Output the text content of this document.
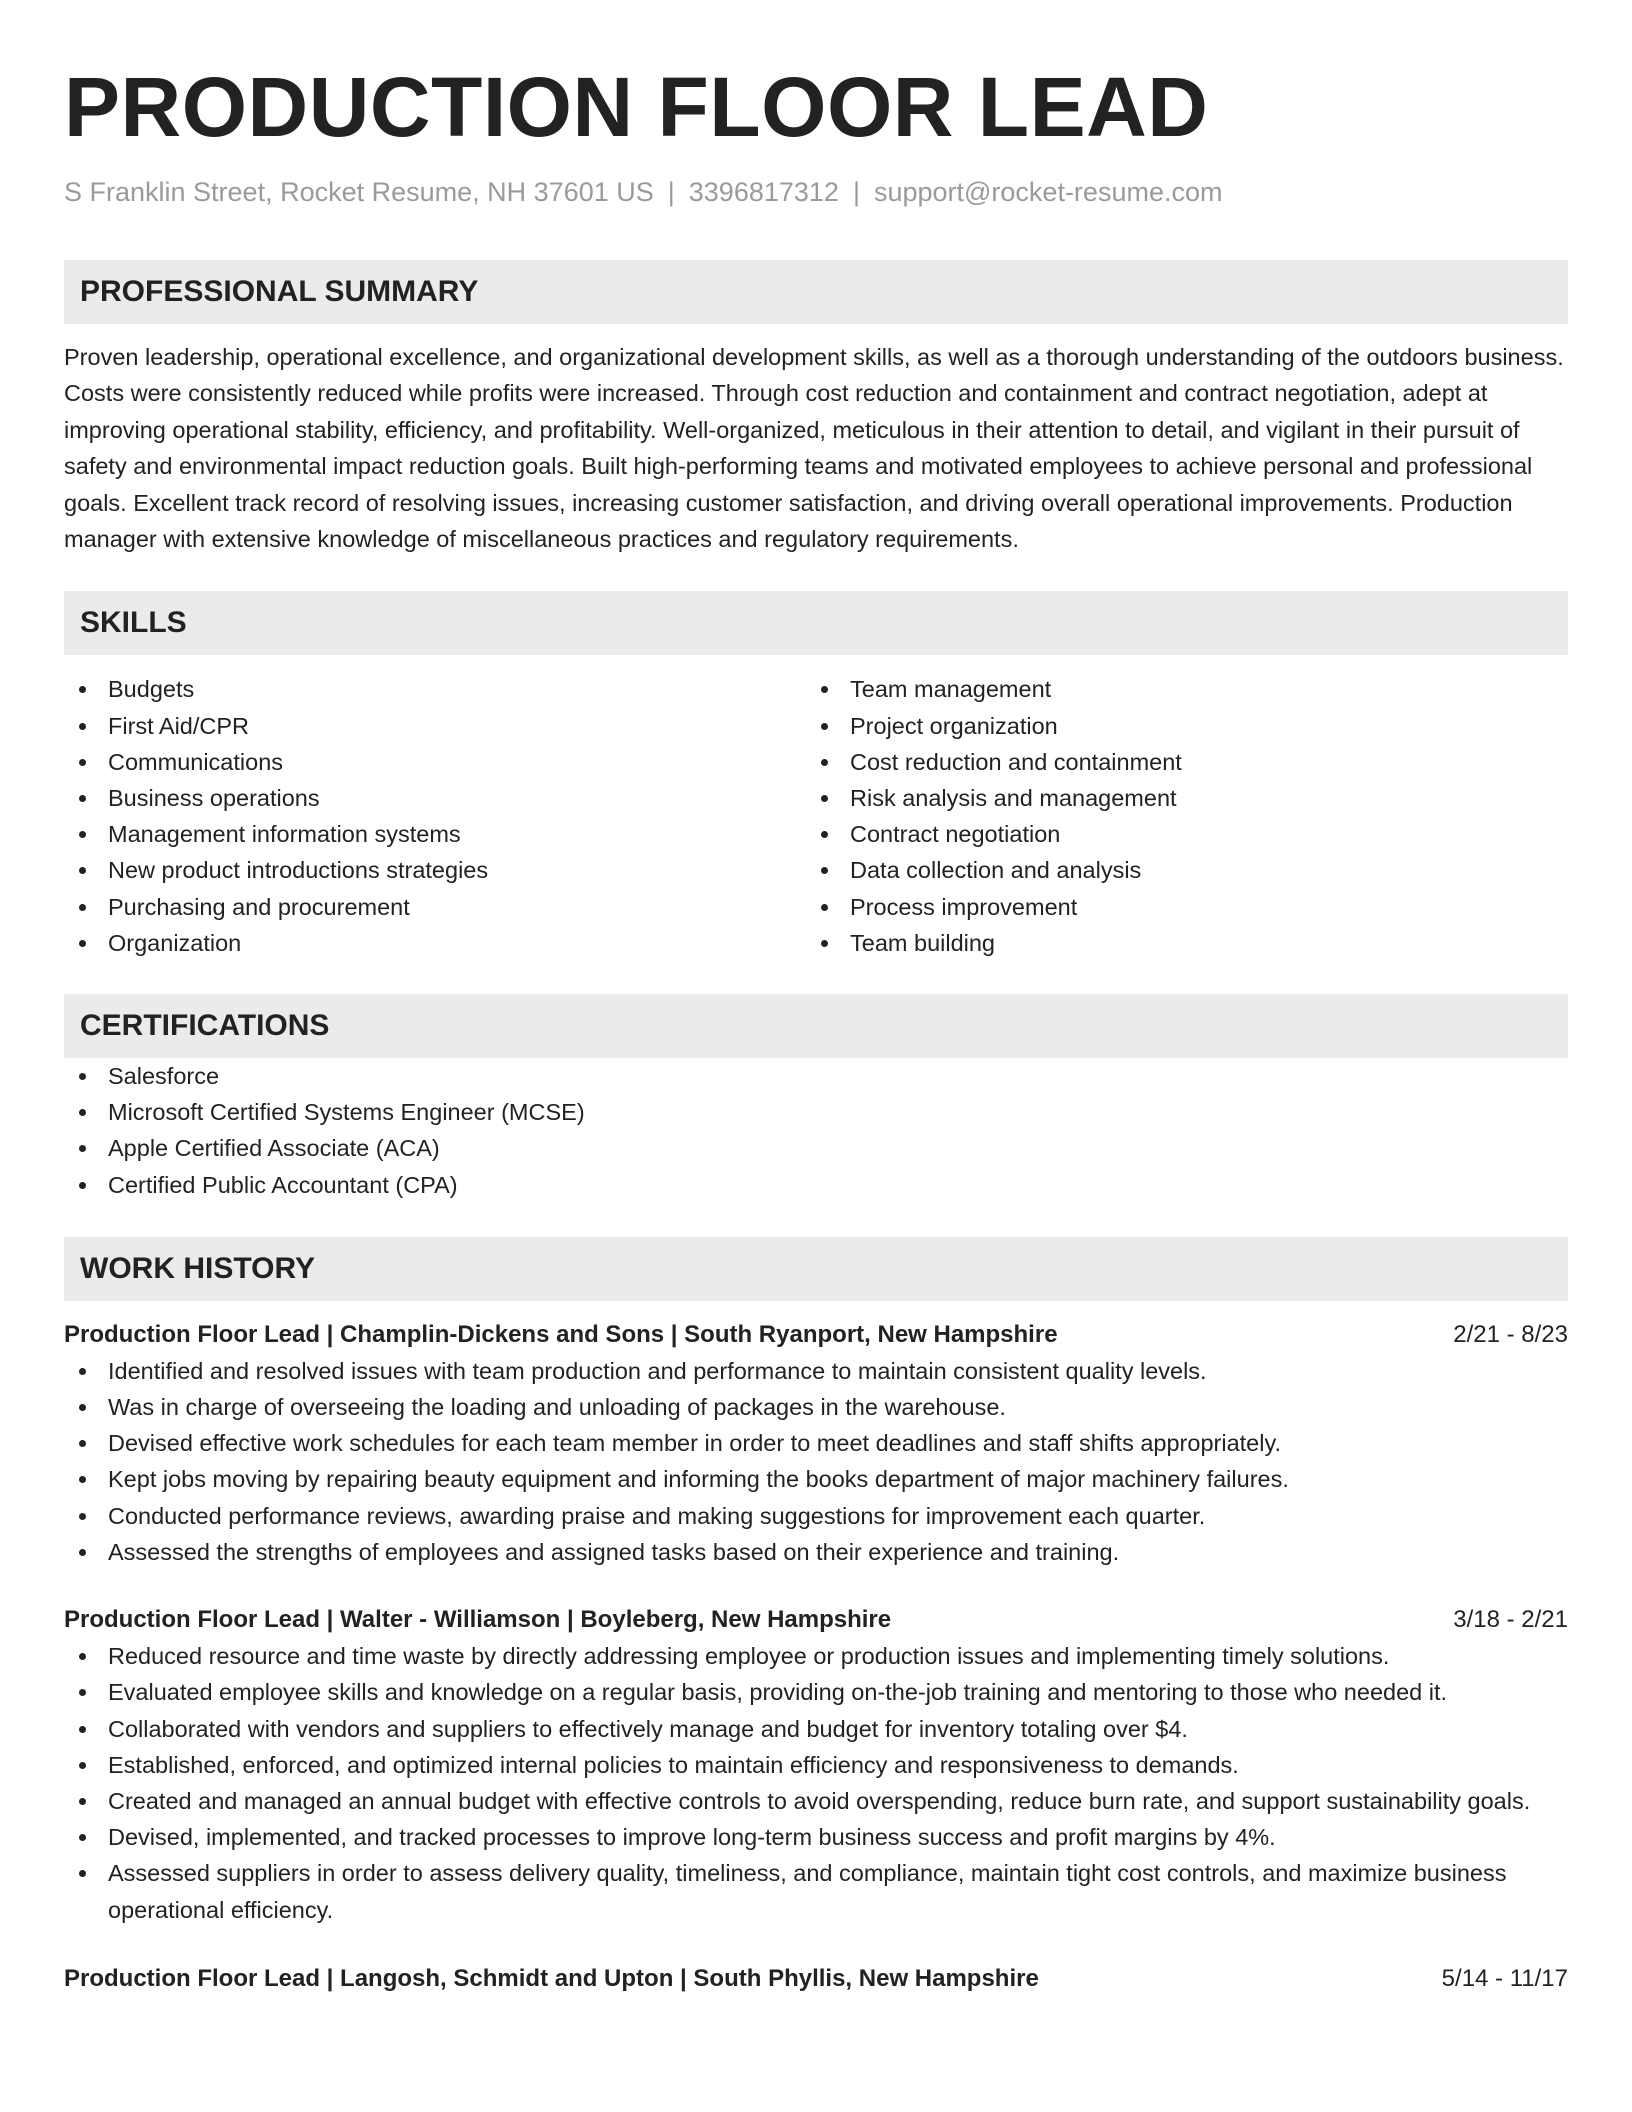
PRODUCTION FLOOR LEAD
S Franklin Street, Rocket Resume, NH 37601 US | 3396817312 | support@rocket-resume.com
PROFESSIONAL SUMMARY

Proven leadership, operational excellence, and organizational development skills, as well as a thorough understanding of the outdoors business. Costs were consistently reduced while profits were increased. Through cost reduction and containment and contract negotiation, adept at improving operational stability, efficiency, and profitability. Well-organized, meticulous in their attention to detail, and vigilant in their pursuit of safety and environmental impact reduction goals. Built high-performing teams and motivated employees to achieve personal and professional goals. Excellent track record of resolving issues, increasing customer satisfaction, and driving overall operational improvements. Production manager with extensive knowledge of miscellaneous practices and regulatory requirements.

SKILLS
Budgets
First Aid/CPR
Communications
Business operations
Management information systems
New product introductions strategies
Purchasing and procurement
Organization
Team management
Project organization
Cost reduction and containment
Risk analysis and management
Contract negotiation
Data collection and analysis
Process improvement
Team building
CERTIFICATIONS
Salesforce
Microsoft Certified Systems Engineer (MCSE)
Apple Certified Associate (ACA)
Certified Public Accountant (CPA)
WORK HISTORY
Production Floor Lead | Champlin-Dickens and Sons | South Ryanport, New Hampshire	2/21 - 8/23
Identified and resolved issues with team production and performance to maintain consistent quality levels.
Was in charge of overseeing the loading and unloading of packages in the warehouse.
Devised effective work schedules for each team member in order to meet deadlines and staff shifts appropriately.
Kept jobs moving by repairing beauty equipment and informing the books department of major machinery failures.
Conducted performance reviews, awarding praise and making suggestions for improvement each quarter.
Assessed the strengths of employees and assigned tasks based on their experience and training.
Production Floor Lead | Walter - Williamson | Boyleberg, New Hampshire	3/18 - 2/21
Reduced resource and time waste by directly addressing employee or production issues and implementing timely solutions.
Evaluated employee skills and knowledge on a regular basis, providing on-the-job training and mentoring to those who needed it.
Collaborated with vendors and suppliers to effectively manage and budget for inventory totaling over $4.
Established, enforced, and optimized internal policies to maintain efficiency and responsiveness to demands.
Created and managed an annual budget with effective controls to avoid overspending, reduce burn rate, and support sustainability goals.
Devised, implemented, and tracked processes to improve long-term business success and profit margins by 4%.
Assessed suppliers in order to assess delivery quality, timeliness, and compliance, maintain tight cost controls, and maximize business operational efficiency.
Production Floor Lead | Langosh, Schmidt and Upton | South Phyllis, New Hampshire	5/14 - 11/17
